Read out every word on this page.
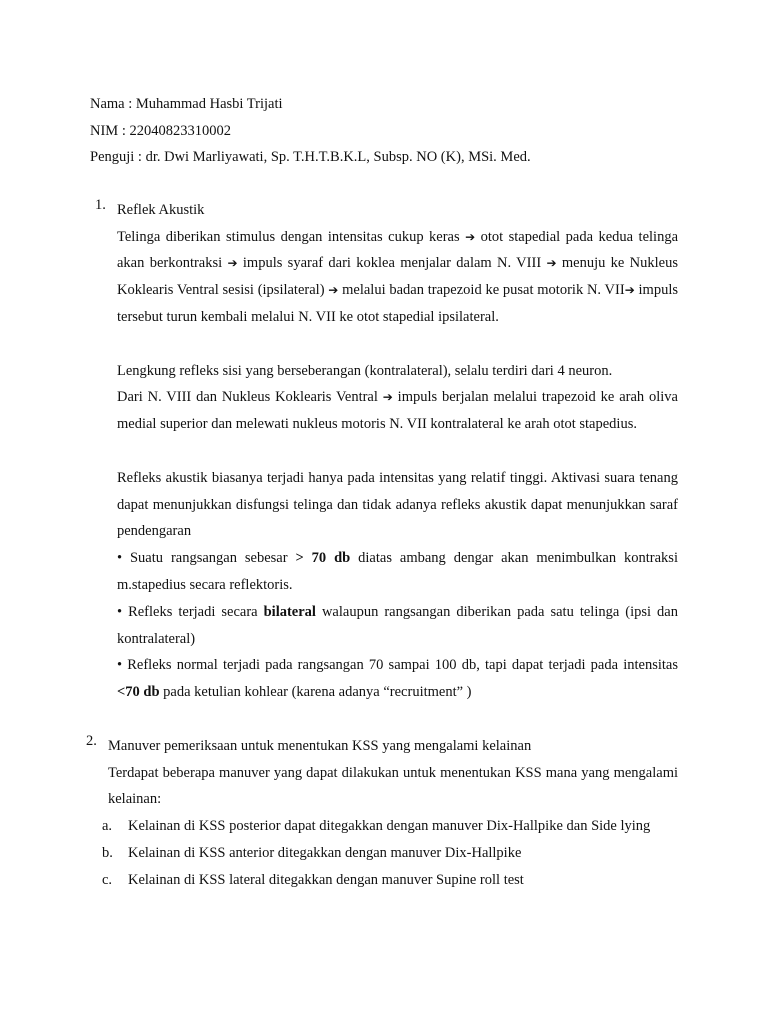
Nama : Muhammad Hasbi Trijati
NIM : 22040823310002
Penguji : dr. Dwi Marliyawati, Sp. T.H.T.B.K.L, Subsp. NO (K), MSi. Med.
1. Reflek Akustik
Telinga diberikan stimulus dengan intensitas cukup keras ➔ otot stapedial pada kedua telinga akan berkontraksi ➔ impuls syaraf dari koklea menjalar dalam N. VIII ➔ menuju ke Nukleus Koklearis Ventral sesisi (ipsilateral) ➔ melalui badan trapezoid ke pusat motorik N. VII➔ impuls tersebut turun kembali melalui N. VII ke otot stapedial ipsilateral.
Lengkung refleks sisi yang berseberangan (kontralateral), selalu terdiri dari 4 neuron.
Dari N. VIII dan Nukleus Koklearis Ventral ➔ impuls berjalan melalui trapezoid ke arah oliva medial superior dan melewati nukleus motoris N. VII kontralateral ke arah otot stapedius.
Refleks akustik biasanya terjadi hanya pada intensitas yang relatif tinggi. Aktivasi suara tenang dapat menunjukkan disfungsi telinga dan tidak adanya refleks akustik dapat menunjukkan saraf pendengaran
• Suatu rangsangan sebesar > 70 db diatas ambang dengar akan menimbulkan kontraksi m.stapedius secara reflektoris.
• Refleks terjadi secara bilateral walaupun rangsangan diberikan pada satu telinga (ipsi dan kontralateral)
• Refleks normal terjadi pada rangsangan 70 sampai 100 db, tapi dapat terjadi pada intensitas <70 db pada ketulian kohlear (karena adanya “recruitment” )
2. Manuver pemeriksaan untuk menentukan KSS yang mengalami kelainan
Terdapat beberapa manuver yang dapat dilakukan untuk menentukan KSS mana yang mengalami kelainan:
a. Kelainan di KSS posterior dapat ditegakkan dengan manuver Dix-Hallpike dan Side lying
b. Kelainan di KSS anterior ditegakkan dengan manuver Dix-Hallpike
c. Kelainan di KSS lateral ditegakkan dengan manuver Supine roll test
